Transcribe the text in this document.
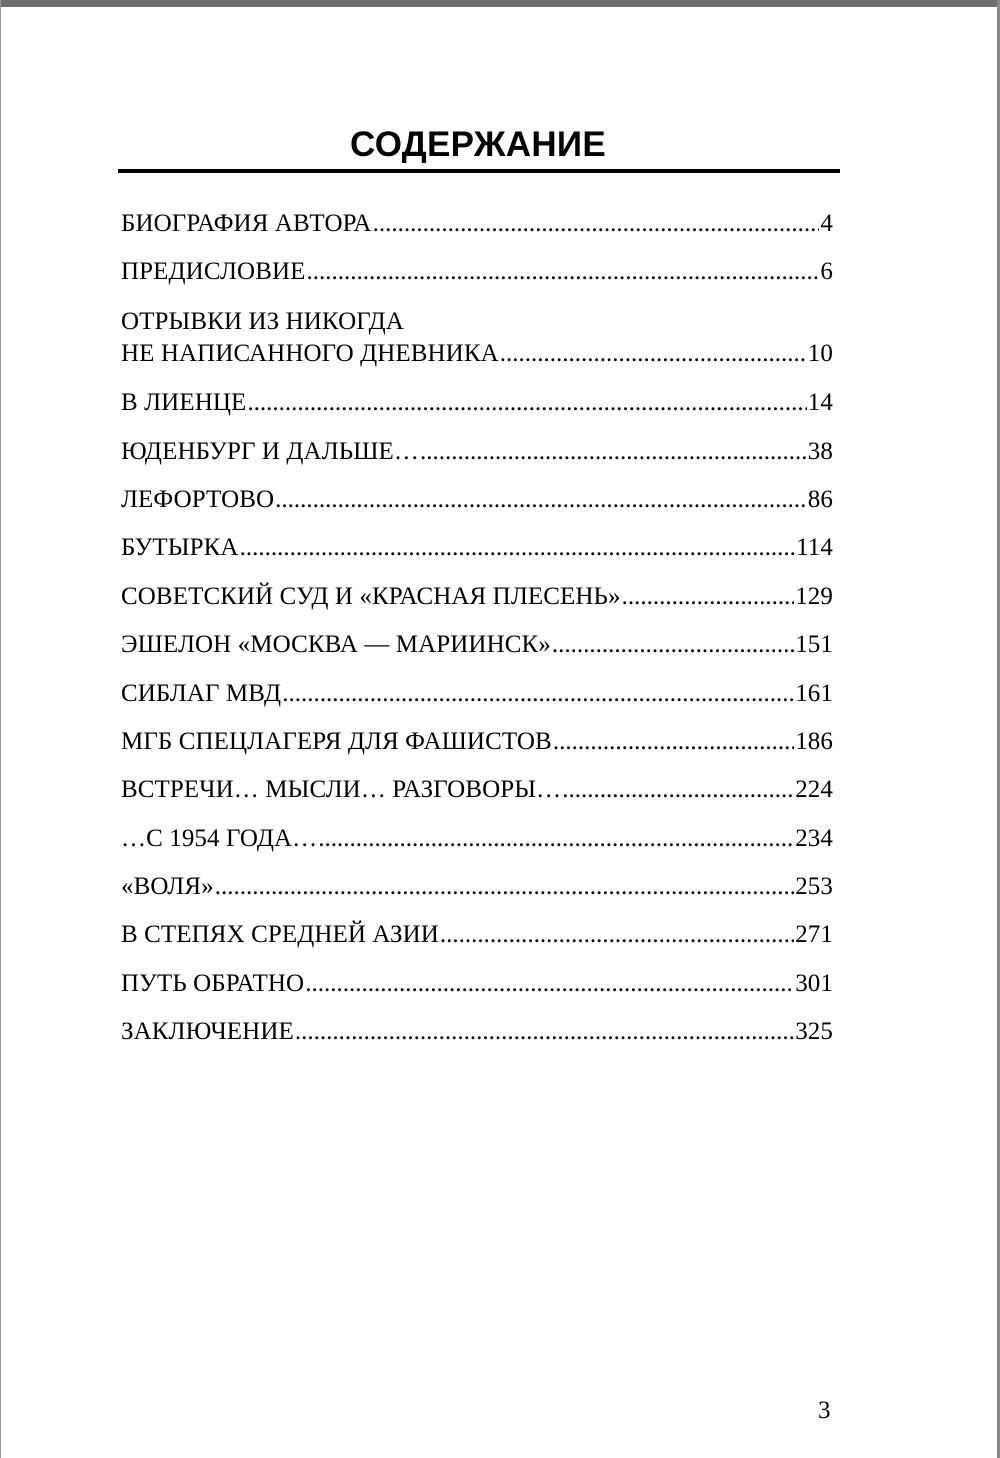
СОДЕРЖАНИЕ
БИОГРАФИЯ АВТОРА .....	4
ПРЕДИСЛОВИЕ .....	6
ОТРЫВКИ ИЗ НИКОГДА
НЕ НАПИСАННОГО ДНЕВНИКА .....	10
В ЛИЕНЦЕ .....	14
ЮДЕНБУРГ И ДАЛЬШЕ… .....	38
ЛЕФОРТОВО .....	86
БУТЫРКА .....	114
СОВЕТСКИЙ СУД И «КРАСНАЯ ПЛЕСЕНЬ» .....	129
ЭШЕЛОН «МОСКВА — МАРИИНСК» .....	151
СИБЛАГ МВД .....	161
МГБ СПЕЦЛАГЕРЯ ДЛЯ ФАШИСТОВ .....	186
ВСТРЕЧИ… МЫСЛИ… РАЗГОВОРЫ… .....	224
…С 1954 ГОДА… .....	234
«ВОЛЯ» .....	253
В СТЕПЯХ СРЕДНЕЙ АЗИИ .....	271
ПУТЬ ОБРАТНО .....	301
ЗАКЛЮЧЕНИЕ .....	325
3
